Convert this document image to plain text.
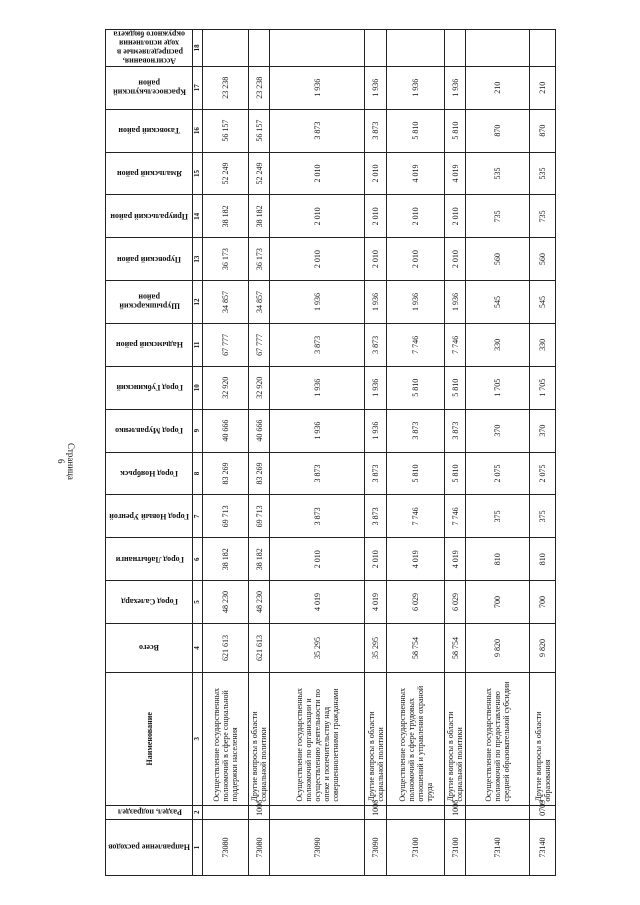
Страница 6
Направление расходов	Раздел, подраздел	Наименование	Всего	Город Салехард	Город Лабытнанги	Город Новый Уренгой	Город Ноябрьск	Город Муравленко	Город Губкинский	Надымский район	Шурышкарский район	Пуровский район	Приуральский район	Ямальский район	Тазовский район	Красноселькупский район	Ассигнования, распределяемые в ходе исполнения окружного бюджета
1	2	3	4	5	6	7	8	9	10	11	12	13	14	15	16	17	18
73080		Осуществление государственных полномочий в сфере социальной поддержки населения	621 613	48 230	38 182	69 713	83 269	40 666	32 920	67 777	34 857	36 173	38 182	52 249	56 157	23 238	
73080	1006	Другие вопросы в области социальной политики	621 613	48 230	38 182	69 713	83 269	40 666	32 920	67 777	34 857	36 173	38 182	52 249	56 157	23 238	
73090		Осуществление государственных полномочий по организации и осуществлению деятельности по опеке и попечительству над совершеннолетними гражданами	35 295	4 019	2 010	3 873	3 873	1 936	1 936	3 873	1 936	2 010	2 010	2 010	3 873	1 936	
73090	1006	Другие вопросы в области социальной политики	35 295	4 019	2 010	3 873	3 873	1 936	1 936	3 873	1 936	2 010	2 010	2 010	3 873	1 936	
73100		Осуществление государственных полномочий в сфере трудовых отношений и управления охраной труда	58 754	6 029	4 019	7 746	5 810	3 873	5 810	7 746	1 936	2 010	2 010	4 019	5 810	1 936	
73100	1006	Другие вопросы в области социальной политики	58 754	6 029	4 019	7 746	5 810	3 873	5 810	7 746	1 936	2 010	2 010	4 019	5 810	1 936	
73140		Осуществление государственных полномочий по предоставлению средней образовательной субсидии	9 820	700	810	375	2 075	370	1 705	330	545	560	735	535	870	210	
73140	0709	Другие вопросы в области образования	9 820	700	810	375	2 075	370	1 705	330	545	560	735	535	870	210	
